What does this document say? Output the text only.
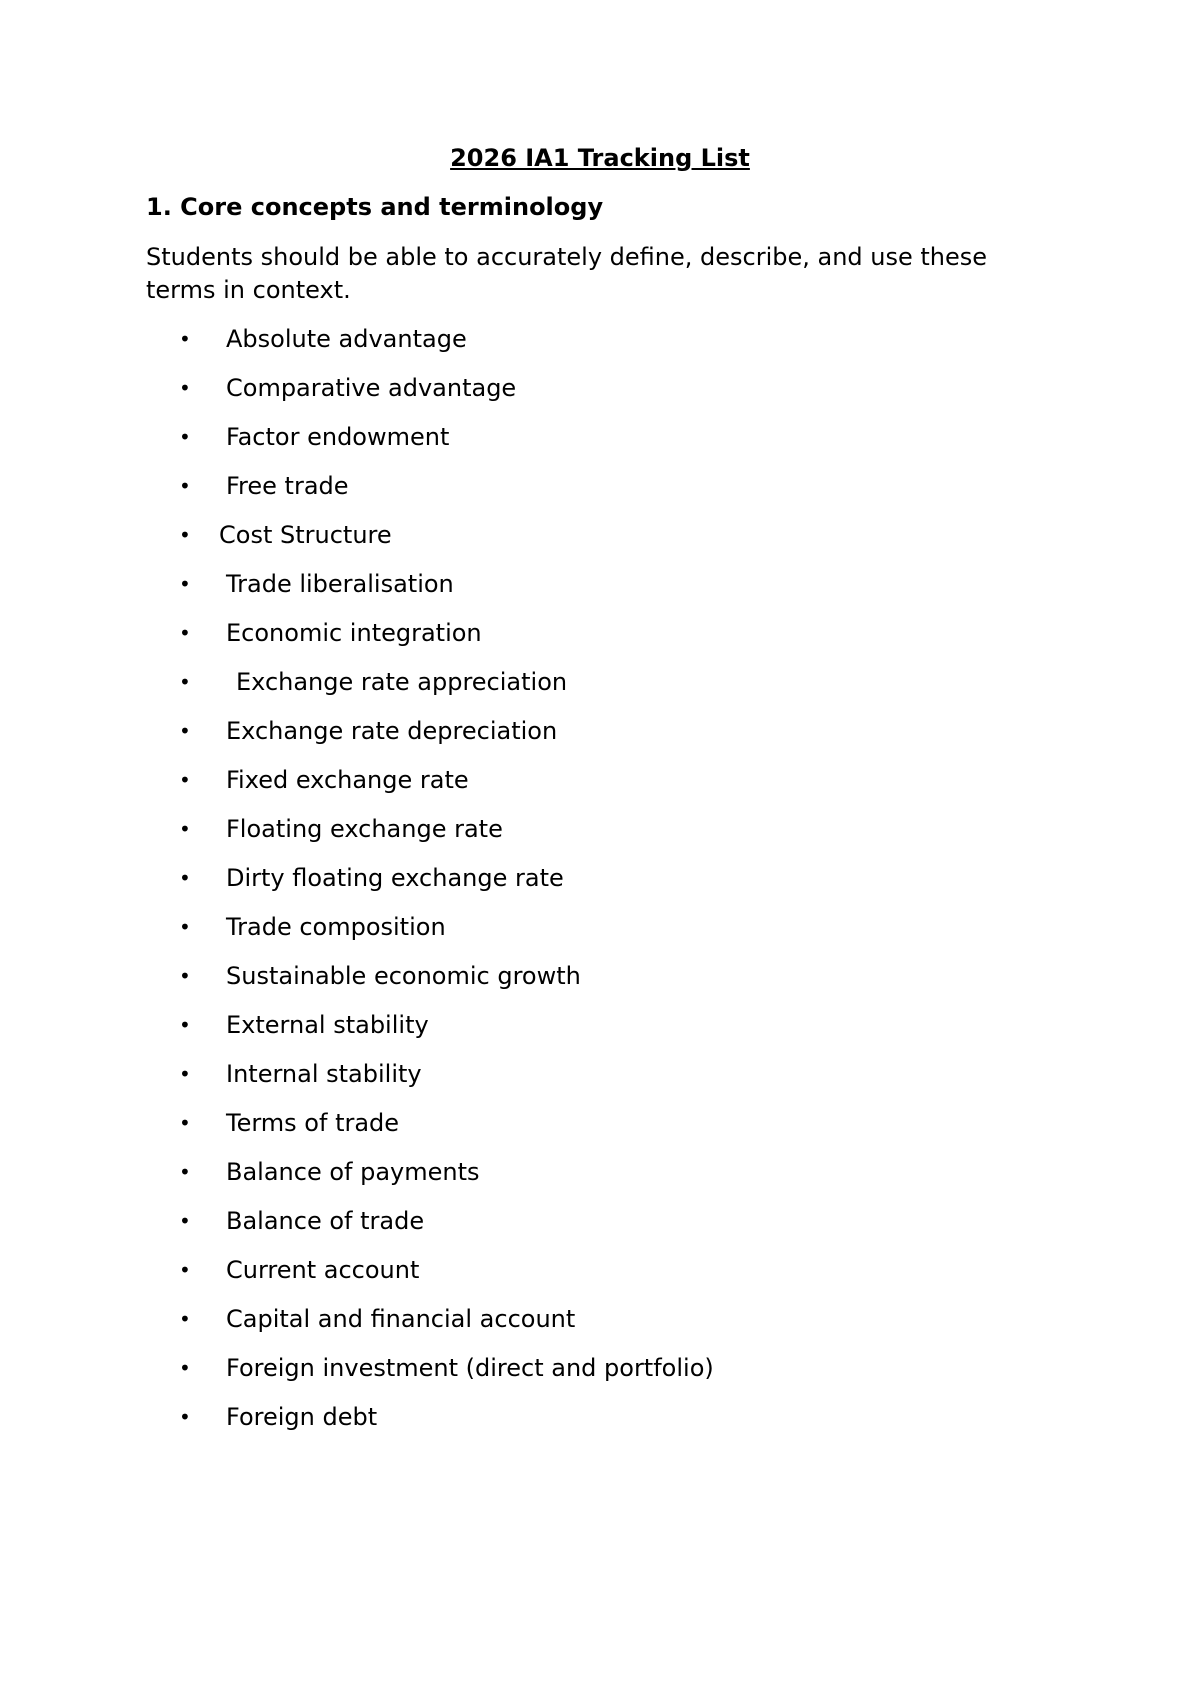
2026 IA1 Tracking List
1. Core concepts and terminology
Students should be able to accurately define, describe, and use these terms in context.
• Absolute advantage
• Comparative advantage
• Factor endowment
• Free trade
• Cost Structure
• Trade liberalisation
• Economic integration
• Exchange rate appreciation
• Exchange rate depreciation
• Fixed exchange rate
• Floating exchange rate
• Dirty floating exchange rate
• Trade composition
• Sustainable economic growth
• External stability
• Internal stability
• Terms of trade
• Balance of payments
• Balance of trade
• Current account
• Capital and financial account
• Foreign investment (direct and portfolio)
• Foreign debt
